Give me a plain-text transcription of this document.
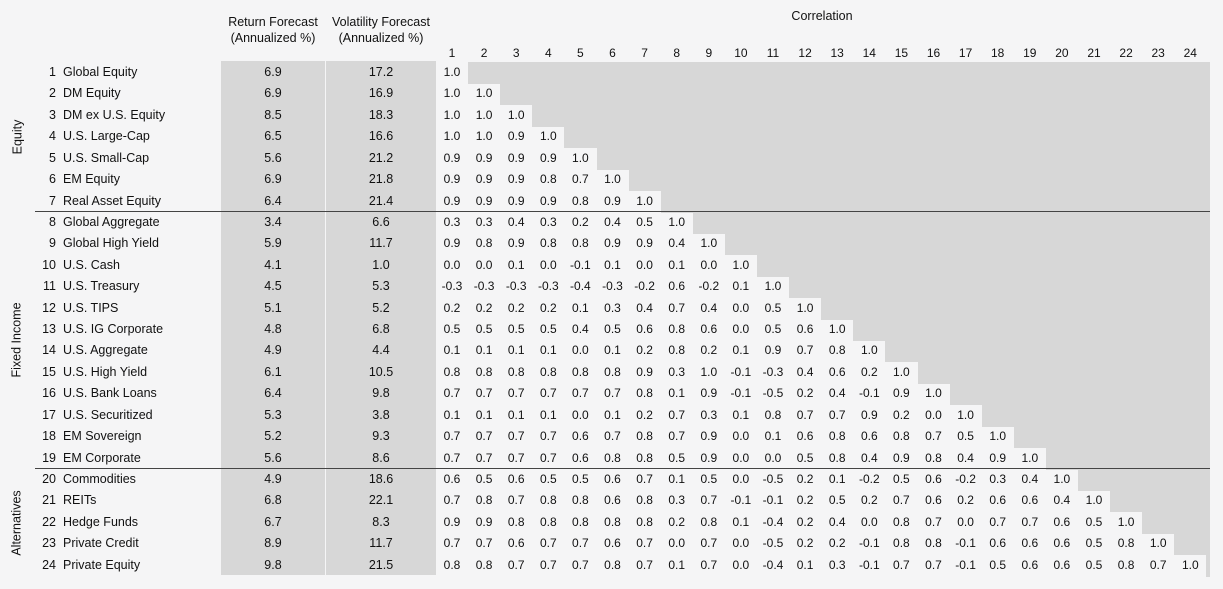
Return Forecast
(Annualized %)
Volatility Forecast
(Annualized %)
Correlation
1 Global Equity	6.9	17.2	1.0
2 DM Equity	6.9	16.9	1.0	1.0
3 DM ex U.S. Equity	8.5	18.3	1.0	1.0	1.0
4 U.S. Large-Cap	6.5	16.6	1.0	1.0	0.9	1.0
5 U.S. Small-Cap	5.6	21.2	0.9	0.9	0.9	0.9	1.0
6 EM Equity	6.9	21.8	0.9	0.9	0.9	0.8	0.7	1.0
7 Real Asset Equity	6.4	21.4	0.9	0.9	0.9	0.9	0.8	0.9	1.0
8 Global Aggregate	3.4	6.6	0.3	0.3	0.4	0.3	0.2	0.4	0.5	1.0
9 Global High Yield	5.9	11.7	0.9	0.8	0.9	0.8	0.8	0.9	0.9	0.4	1.0
10 U.S. Cash	4.1	1.0	0.0	0.0	0.1	0.0	-0.1	0.1	0.0	0.1	0.0	1.0
11 U.S. Treasury	4.5	5.3	-0.3 -0.3 -0.3 -0.3 -0.4 -0.3 -0.2	0.6	-0.2	0.1	1.0
12 U.S. TIPS	5.1	5.2	0.2	0.2	0.2	0.2	0.1	0.3	0.4	0.7	0.4	0.0	0.5	1.0
13 U.S. IG Corporate	4.8	6.8	0.5	0.5	0.5	0.5	0.4	0.5	0.6	0.8	0.6	0.0	0.5	0.6	1.0
14 U.S. Aggregate	4.9	4.4	0.1	0.1	0.1	0.1	0.0	0.1	0.2	0.8	0.2	0.1	0.9	0.7	0.8	1.0
15 U.S. High Yield	6.1	10.5	0.8	0.8	0.8	0.8	0.8	0.8	0.9	0.3	1.0	-0.1 -0.3	0.4	0.6	0.2	1.0
16 U.S. Bank Loans	6.4	9.8	0.7	0.7	0.7	0.7	0.7	0.7	0.8	0.1	0.9	-0.1 -0.5	0.2	0.4	-0.1	0.9	1.0
17 U.S. Securitized	5.3	3.8	0.1	0.1	0.1	0.1	0.0	0.1	0.2	0.7	0.3	0.1	0.8	0.7	0.7	0.9	0.2	0.0	1.0
18 EM Sovereign	5.2	9.3	0.7	0.7	0.7	0.7	0.6	0.7	0.8	0.7	0.9	0.0	0.1	0.6	0.8	0.6	0.8	0.7	0.5	1.0
19 EM Corporate	5.6	8.6	0.7	0.7	0.7	0.7	0.6	0.8	0.8	0.5	0.9	0.0	0.0	0.5	0.8	0.4	0.9	0.8	0.4	0.9	1.0
20 Commodities	4.9	18.6	0.6	0.5	0.6	0.5	0.5	0.6	0.7	0.1	0.5	0.0	-0.5	0.2	0.1	-0.2	0.5	0.6	-0.2	0.3	0.4	1.0
21 REITs	6.8	22.1	0.7	0.8	0.7	0.8	0.8	0.6	0.8	0.3	0.7	-0.1 -0.1	0.2	0.5	0.2	0.7	0.6	0.2	0.6	0.6	0.4	1.0
22 Hedge Funds	6.7	8.3	0.9	0.9	0.8	0.8	0.8	0.8	0.8	0.2	0.8	0.1	-0.4	0.2	0.4	0.0	0.8	0.7	0.0	0.7	0.7	0.6	0.5	1.0
23 Private Credit	8.9	11.7	0.7	0.7	0.6	0.7	0.7	0.6	0.7	0.0	0.7	0.0	-0.5	0.2	0.2	-0.1	0.8	0.8	-0.1	0.6	0.6	0.6	0.5	0.8	1.0
24 Private Equity	9.8	21.5	0.8	0.8	0.7	0.7	0.7	0.8	0.7	0.1	0.7	0.0	-0.4	0.1	0.3	-0.1	0.7	0.7	-0.1	0.5	0.6	0.6	0.5	0.8	0.7	1.0
Equity
Fixed Income
Alternatives
1	2	3	4	5	6	7	8	9	10	11	12	13	14	15	16	17	18	19	20	21	22	23	24
